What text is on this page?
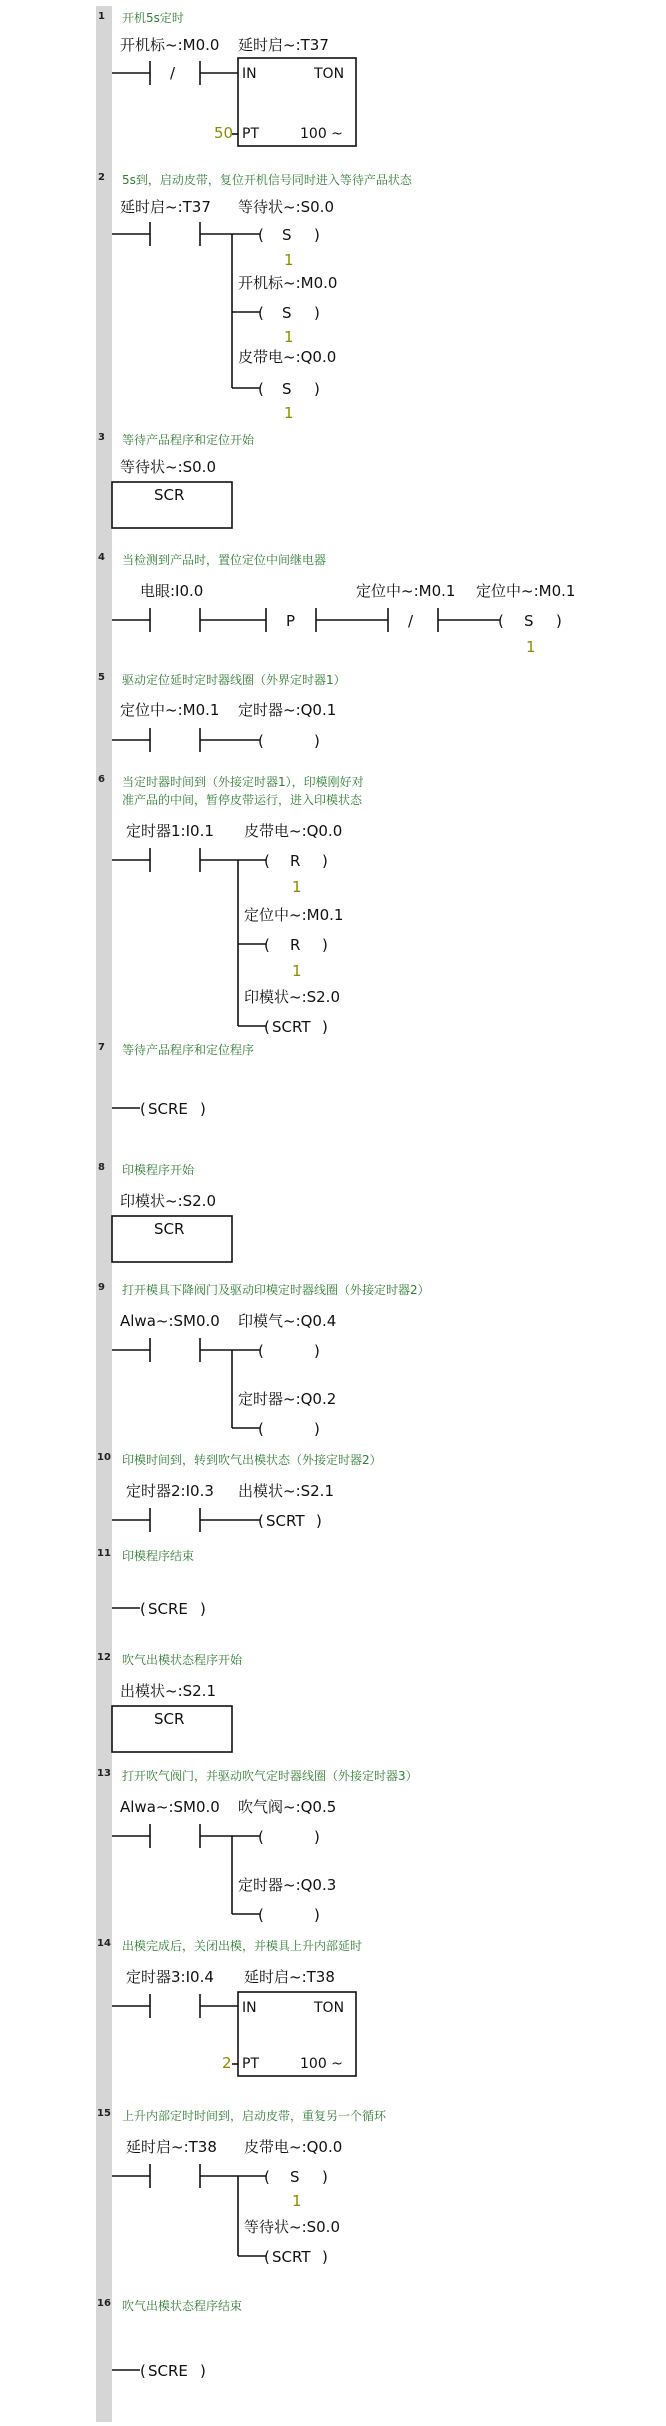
1 开机5s定时
开机标~:M0.0 延时启~:T37
/	IN	TON
50 PT	100 ~
2 5s到，启动皮带，复位开机信号同时进入等待产品状态
延时启~:T37 等待状~:S0.0
开机标~:M0.0
皮带电~:Q0.0
( S )
1
( S )
1
( S )
1
3 等待产品程序和定位开始
等待状~:S0.0
SCR
4 当检测到产品时，置位定位中间继电器
电眼:I0.0	定位中~:M0.1 定位中~:M0.1
P	/	( S )
1
5 驱动定位延时定时器线圈（外界定时器1）
定位中~:M0.1 定时器~:Q0.1
(	)
6 当定时器时间到（外接定时器1），印模刚好对
准产品的中间，暂停皮带运行，进入印模状态
定时器1:I0.1 皮带电~:Q0.0
定位中~:M0.1
印模状~:S2.0
( R )
1
( R )
1
( SCRT )
7 等待产品程序和定位程序
( SCRE )
8 印模程序开始
印模状~:S2.0
SCR
9 打开模具下降阀门及驱动印模定时器线圈（外接定时器2）
Alwa~:SM0.0 印模气~:Q0.4
定时器~:Q0.2
(	)
(	)
10 印模时间到，转到吹气出模状态（外接定时器2）
定时器2:I0.3 出模状~:S2.1
( SCRT )
11 印模程序结束
( SCRE )
12 吹气出模状态程序开始
出模状~:S2.1
SCR
13 打开吹气阀门，并驱动吹气定时器线圈（外接定时器3）
Alwa~:SM0.0 吹气阀~:Q0.5
定时器~:Q0.3
(	)
(	)
14 出模完成后，关闭出模，并模具上升内部延时
定时器3:I0.4 延时启~:T38
IN	TON
2 PT	100 ~
15 上升内部定时时间到，启动皮带，重复另一个循环
延时启~:T38 皮带电~:Q0.0
等待状~:S0.0
( S )
1
( SCRT )
16 吹气出模状态程序结束
( SCRE )
